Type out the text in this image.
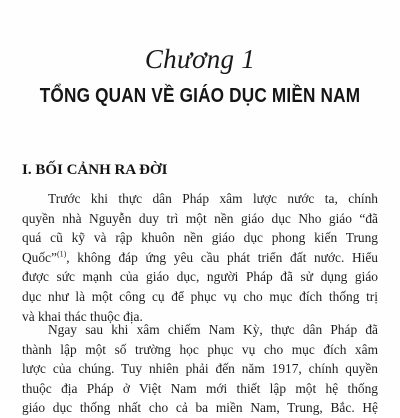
Chương 1
TỔNG QUAN VỀ GIÁO DỤC MIỀN NAM
I. BỐI CẢNH RA ĐỜI
Trước khi thực dân Pháp xâm lược nước ta, chính
quyền nhà Nguyễn duy trì một nền giáo dục Nho giáo “đã
quá cũ kỹ và rập khuôn nền giáo dục phong kiến Trung
Quốc”$^{(1)}$, không đáp ứng yêu cầu phát triển đất nước. Hiểu
được sức mạnh của giáo dục, người Pháp đã sử dụng giáo
dục như là một công cụ để phục vụ cho mục đích thống trị
và khai thác thuộc địa.
Ngay sau khi xâm chiếm Nam Kỳ, thực dân Pháp đã
thành lập một số trường học phục vụ cho mục đích xâm
lược của chúng. Tuy nhiên phải đến năm 1917, chính quyền
thuộc địa Pháp ở Việt Nam mới thiết lập một hệ thống
giáo dục thống nhất cho cả ba miền Nam, Trung, Bắc. Hệ
